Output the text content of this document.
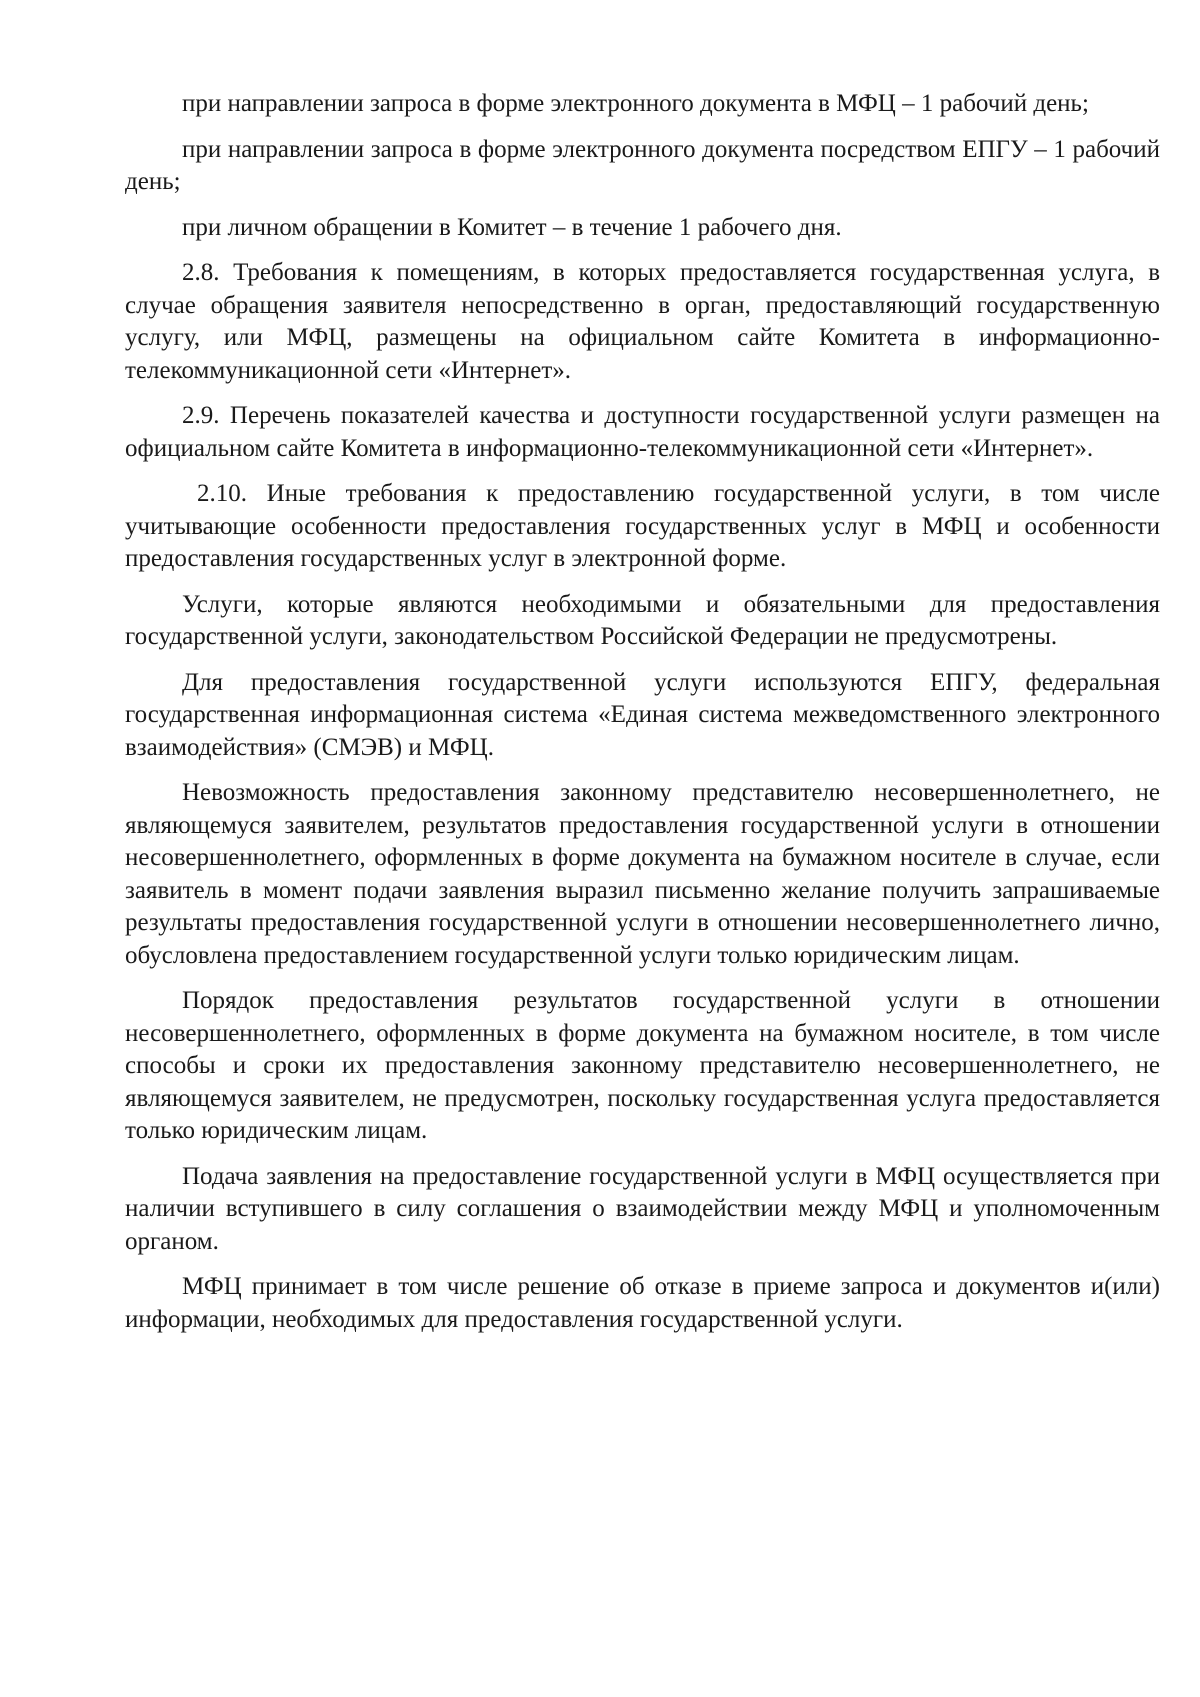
при направлении запроса в форме электронного документа в МФЦ – 1 рабочий день;

при направлении запроса в форме электронного документа посредством ЕПГУ – 1 рабочий день;

при личном обращении в Комитет – в течение 1 рабочего дня.

2.8. Требования к помещениям, в которых предоставляется государственная услуга, в случае обращения заявителя непосредственно в орган, предоставляющий государственную услугу, или МФЦ, размещены на официальном сайте Комитета в информационно-телекоммуникационной сети «Интернет».

2.9. Перечень показателей качества и доступности государственной услуги размещен на официальном сайте Комитета в информационно-телекоммуникационной сети «Интернет».

2.10. Иные требования к предоставлению государственной услуги, в том числе учитывающие особенности предоставления государственных услуг в МФЦ и особенности предоставления государственных услуг в электронной форме.

Услуги, которые являются необходимыми и обязательными для предоставления государственной услуги, законодательством Российской Федерации не предусмотрены.

Для предоставления государственной услуги используются ЕПГУ, федеральная государственная информационная система «Единая система межведомственного электронного взаимодействия» (СМЭВ) и МФЦ.

Невозможность предоставления законному представителю несовершеннолетнего, не являющемуся заявителем, результатов предоставления государственной услуги в отношении несовершеннолетнего, оформленных в форме документа на бумажном носителе в случае, если заявитель в момент подачи заявления выразил письменно желание получить запрашиваемые результаты предоставления государственной услуги в отношении несовершеннолетнего лично, обусловлена предоставлением государственной услуги только юридическим лицам.

Порядок предоставления результатов государственной услуги в отношении несовершеннолетнего, оформленных в форме документа на бумажном носителе, в том числе способы и сроки их предоставления законному представителю несовершеннолетнего, не являющемуся заявителем, не предусмотрен, поскольку государственная услуга предоставляется только юридическим лицам.

Подача заявления на предоставление государственной услуги в МФЦ осуществляется при наличии вступившего в силу соглашения о взаимодействии между МФЦ и уполномоченным органом.

МФЦ принимает в том числе решение об отказе в приеме запроса и документов и(или) информации, необходимых для предоставления государственной услуги.
